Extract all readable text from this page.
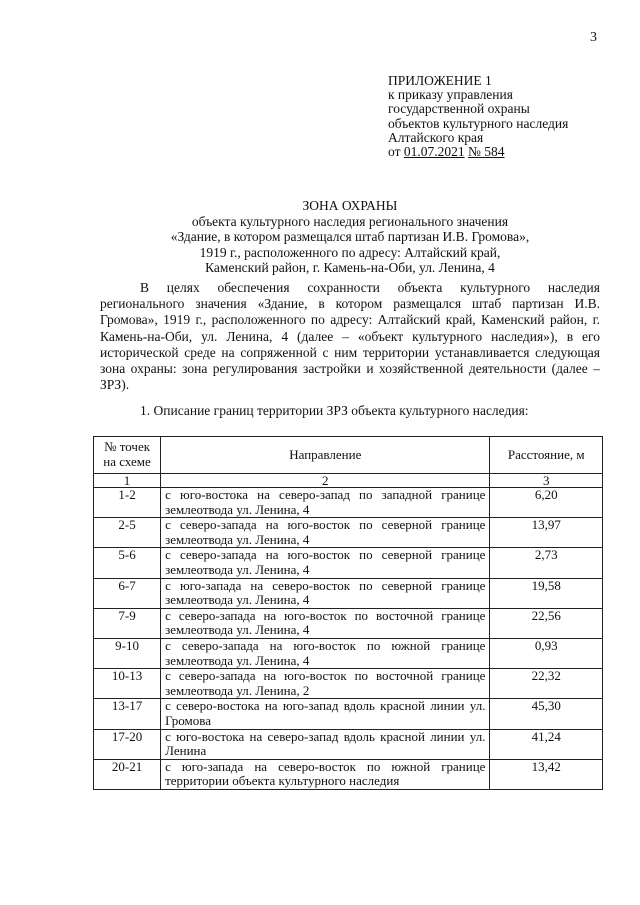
3
ПРИЛОЖЕНИЕ 1
к приказу управления
государственной охраны
объектов культурного наследия
Алтайского края
от 01.07.2021 № 584
ЗОНА ОХРАНЫ
объекта культурного наследия регионального значения
«Здание, в котором размещался штаб партизан И.В. Громова»,
1919 г., расположенного по адресу: Алтайский край,
Каменский район, г. Камень-на-Оби, ул. Ленина, 4

В целях обеспечения сохранности объекта культурного наследия регионального значения «Здание, в котором размещался штаб партизан И.В. Громова», 1919 г., расположенного по адресу: Алтайский край, Каменский район, г. Камень-на-Оби, ул. Ленина, 4 (далее – «объект культурного наследия»), в его исторической среде на сопряженной с ним территории устанавливается следующая зона охраны: зона регулирования застройки и хозяйственной деятельности (далее – ЗРЗ).

1. Описание границ территории ЗРЗ объекта культурного наследия:

№ точек на схеме	Направление	Расстояние, м
1	2	3
1-2	с юго-востока на северо-запад по западной границе землеотвода ул. Ленина, 4	6,20
2-5	с северо-запада на юго-восток по северной границе землеотвода ул. Ленина, 4	13,97
5-6	с северо-запада на юго-восток по северной границе землеотвода ул. Ленина, 4	2,73
6-7	с юго-запада на северо-восток по северной границе землеотвода ул. Ленина, 4	19,58
7-9	с северо-запада на юго-восток по восточной границе землеотвода ул. Ленина, 4	22,56
9-10	с северо-запада на юго-восток по южной границе землеотвода ул. Ленина, 4	0,93
10-13	с северо-запада на юго-восток по восточной границе землеотвода ул. Ленина, 2	22,32
13-17	с северо-востока на юго-запад вдоль красной линии ул. Громова	45,30
17-20	с юго-востока на северо-запад вдоль красной линии ул. Ленина	41,24
20-21	с юго-запада на северо-восток по южной границе территории объекта культурного наследия	13,42
